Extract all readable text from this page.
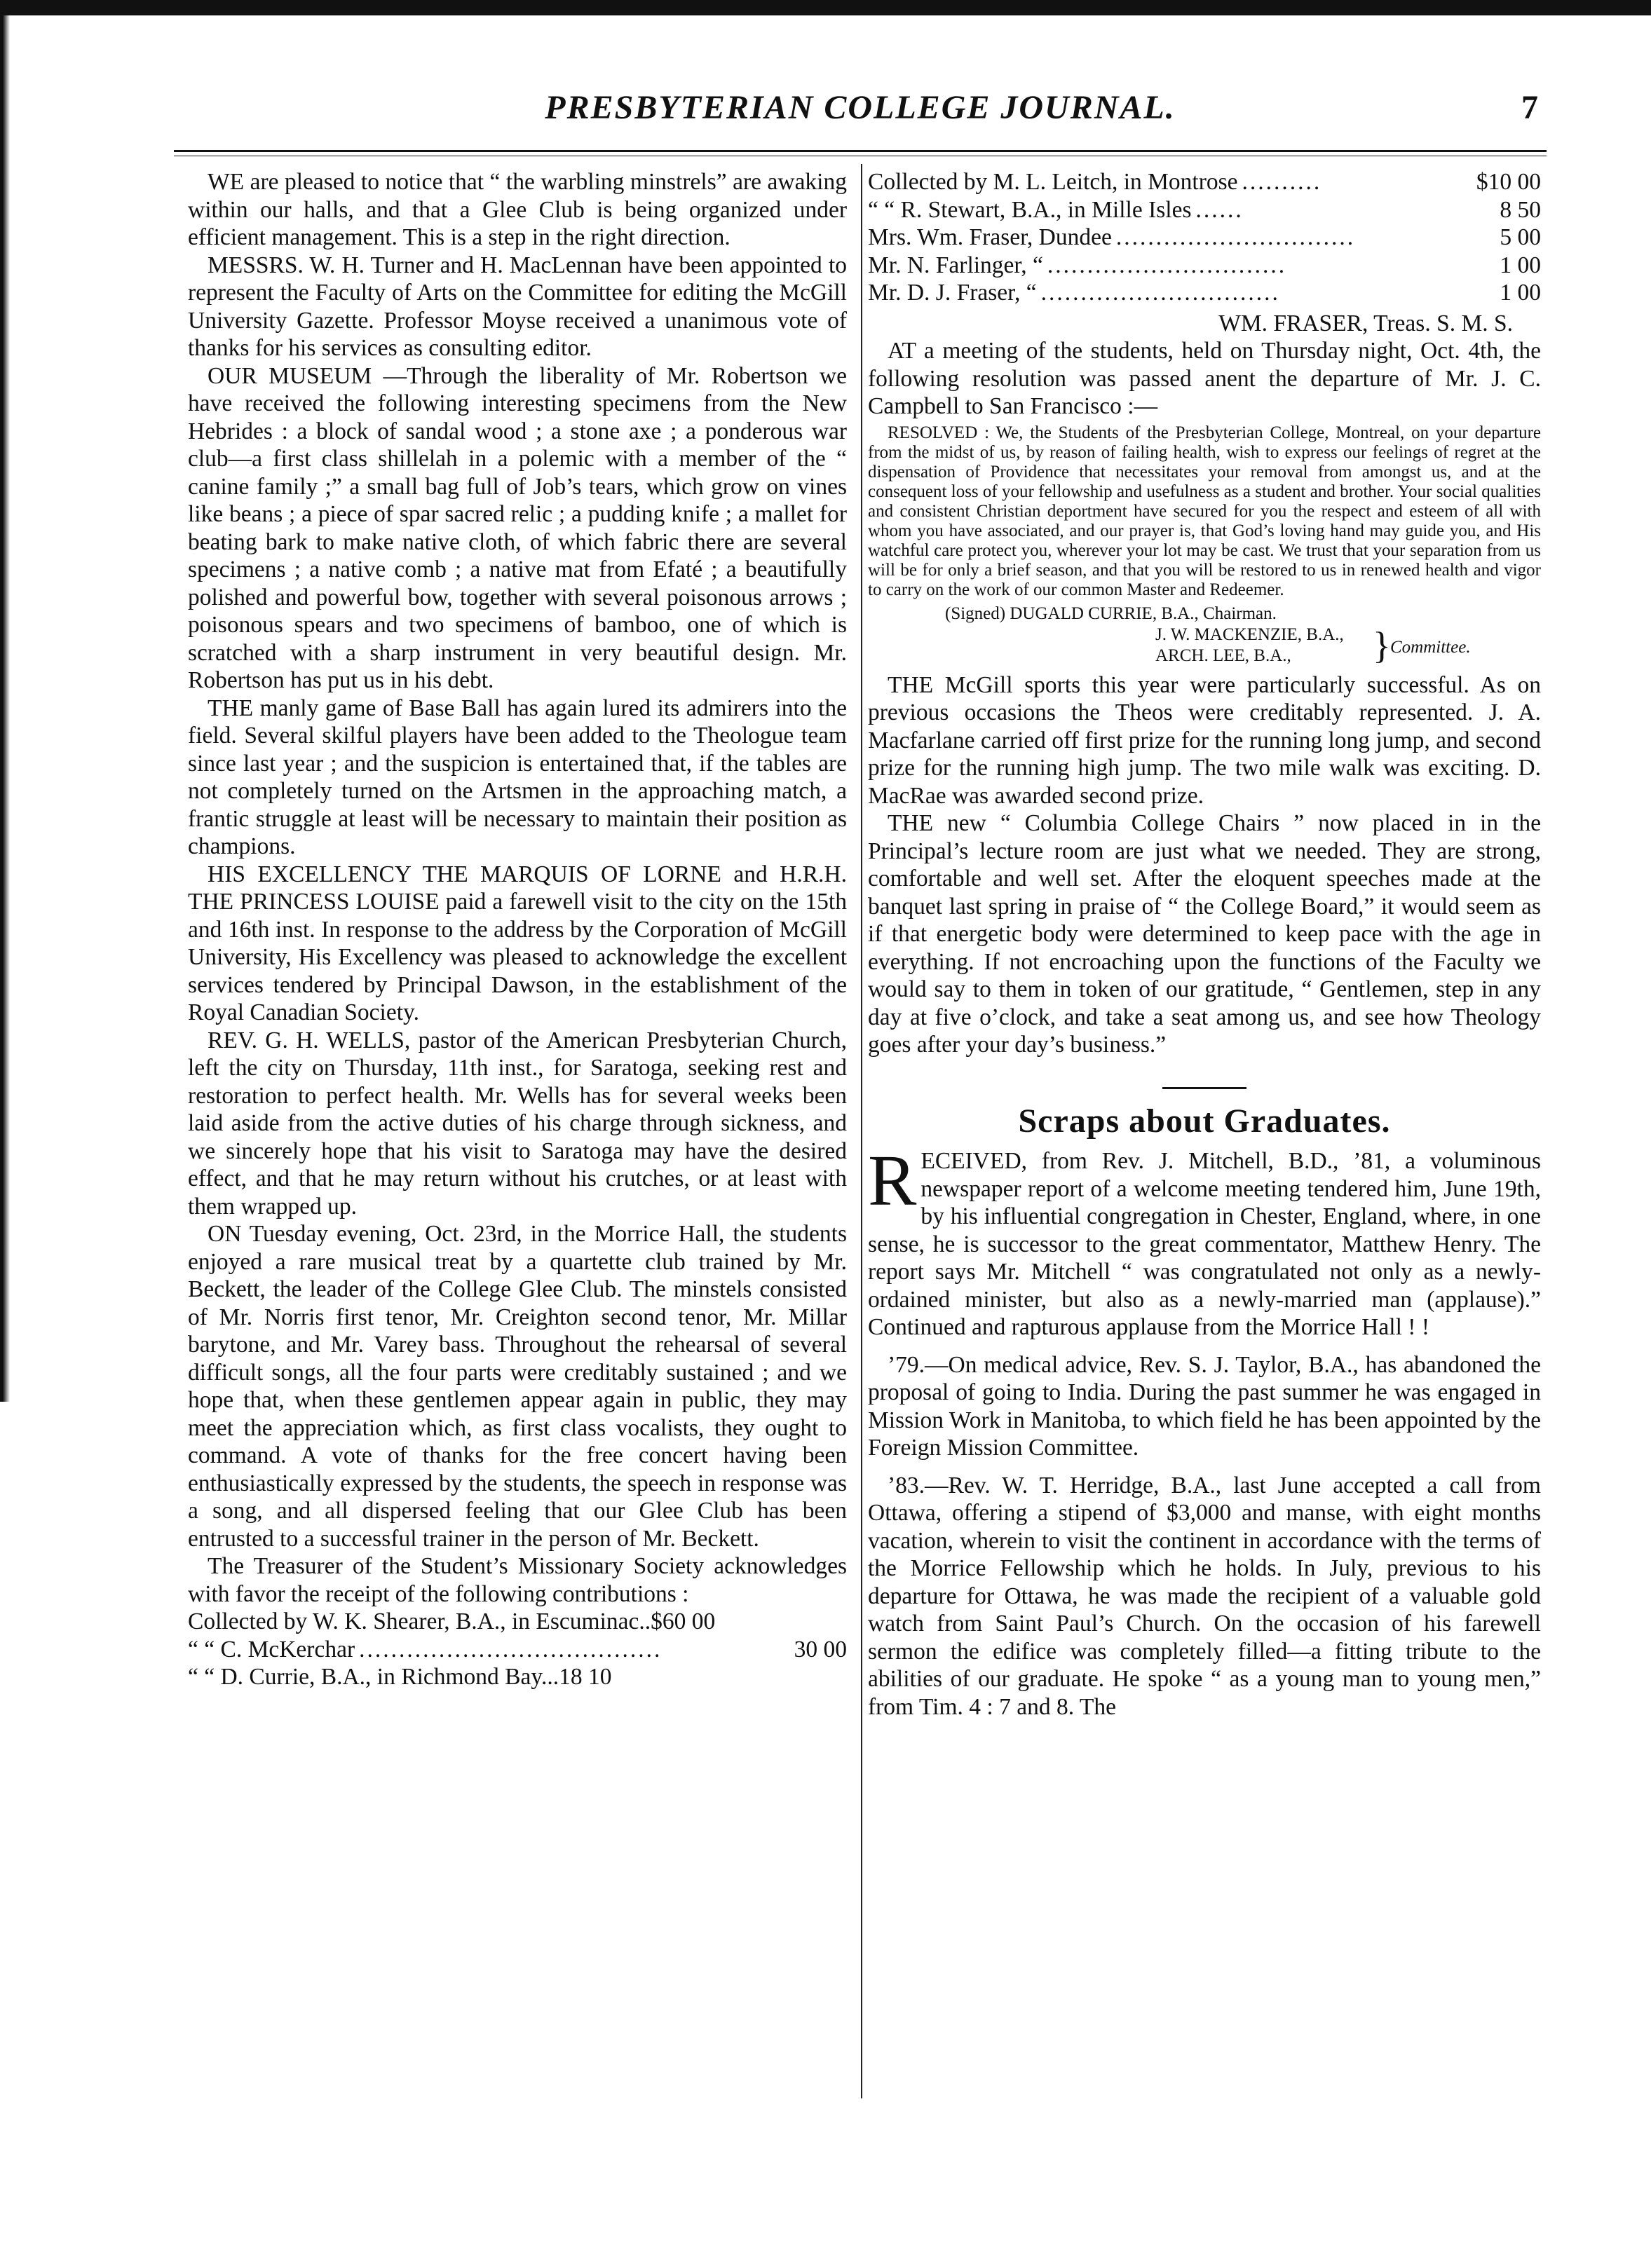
PRESBYTERIAN COLLEGE JOURNAL.	7

WE are pleased to notice that “ the warbling minstrels” are awaking within our halls, and that a Glee Club is being organized under efficient management. This is a step in the right direction.

MESSRS. W. H. Turner and H. MacLennan have been appointed to represent the Faculty of Arts on the Committee for editing the McGill University Gazette. Professor Moyse received a unanimous vote of thanks for his services as consulting editor.

OUR MUSEUM —Through the liberality of Mr. Robertson we have received the following interesting specimens from the New Hebrides : a block of sandal wood ; a stone axe ; a ponderous war club—a first class shillelah in a polemic with a member of the “ canine family ;” a small bag full of Job’s tears, which grow on vines like beans ; a piece of spar sacred relic ; a pudding knife ; a mallet for beating bark to make native cloth, of which fabric there are several specimens ; a native comb ; a native mat from Efaté ; a beautifully polished and powerful bow, together with several poisonous arrows ; poisonous spears and two specimens of bamboo, one of which is scratched with a sharp instrument in very beautiful design. Mr. Robertson has put us in his debt.

THE manly game of Base Ball has again lured its admirers into the field. Several skilful players have been added to the Theologue team since last year ; and the suspicion is entertained that, if the tables are not completely turned on the Artsmen in the approaching match, a frantic struggle at least will be necessary to maintain their position as champions.

HIS EXCELLENCY THE MARQUIS OF LORNE and H.R.H. THE PRINCESS LOUISE paid a farewell visit to the city on the 15th and 16th inst. In response to the address by the Corporation of McGill University, His Excellency was pleased to acknowledge the excellent services tendered by Principal Dawson, in the establishment of the Royal Canadian Society.

REV. G. H. WELLS, pastor of the American Presbyterian Church, left the city on Thursday, 11th inst., for Saratoga, seeking rest and restoration to perfect health. Mr. Wells has for several weeks been laid aside from the active duties of his charge through sickness, and we sincerely hope that his visit to Saratoga may have the desired effect, and that he may return without his crutches, or at least with them wrapped up.

ON Tuesday evening, Oct. 23rd, in the Morrice Hall, the students enjoyed a rare musical treat by a quartette club trained by Mr. Beckett, the leader of the College Glee Club. The minstels consisted of Mr. Norris first tenor, Mr. Creighton second tenor, Mr. Millar barytone, and Mr. Varey bass. Throughout the rehearsal of several difficult songs, all the four parts were creditably sustained ; and we hope that, when these gentlemen appear again in public, they may meet the appreciation which, as first class vocalists, they ought to command. A vote of thanks for the free concert having been enthusiastically expressed by the students, the speech in response was a song, and all dispersed feeling that our Glee Club has been entrusted to a successful trainer in the person of Mr. Beckett.

The Treasurer of the Student’s Missionary Society acknowledges with favor the receipt of the following contributions :

Collected by W. K. Shearer, B.A., in Escuminac.. $60 00
“ “ C. McKerchar ......................................	30 00
“ “ D. Currie, B.A., in Richmond Bay... 18 10
Collected by M. L. Leitch, in Montrose ..........	$10 00
“ “ R. Stewart, B.A., in Mille Isles ......	8 50
Mrs. Wm. Fraser, Dundee ..............................	5 00
Mr. N. Farlinger, “ ..............................	1 00
Mr. D. J. Fraser, “ ..............................	1 00

WM. FRASER, Treas. S. M. S.

AT a meeting of the students, held on Thursday night, Oct. 4th, the following resolution was passed anent the departure of Mr. J. C. Campbell to San Francisco :—

RESOLVED : We, the Students of the Presbyterian College, Montreal, on your departure from the midst of us, by reason of failing health, wish to express our feelings of regret at the dispensation of Providence that necessitates your removal from amongst us, and at the consequent loss of your fellowship and usefulness as a student and brother. Your social qualities and consistent Christian deportment have secured for you the respect and esteem of all with whom you have associated, and our prayer is, that God’s loving hand may guide you, and His watchful care protect you, wherever your lot may be cast. We trust that your separation from us will be for only a brief season, and that you will be restored to us in renewed health and vigor to carry on the work of our common Master and Redeemer.

(Signed) DUGALD CURRIE, B.A., Chairman.
J. W. MACKENZIE, B.A.,
ARCH. LEE, B.A., } Committee.

THE McGill sports this year were particularly successful. As on previous occasions the Theos were creditably represented. J. A. Macfarlane carried off first prize for the running long jump, and second prize for the running high jump. The two mile walk was exciting. D. MacRae was awarded second prize.

THE new “ Columbia College Chairs ” now placed in in the Principal’s lecture room are just what we needed. They are strong, comfortable and well set. After the eloquent speeches made at the banquet last spring in praise of “ the College Board,” it would seem as if that energetic body were determined to keep pace with the age in everything. If not encroaching upon the functions of the Faculty we would say to them in token of our gratitude, “ Gentlemen, step in any day at five o’clock, and take a seat among us, and see how Theology goes after your day’s business.”

Scraps about Graduates.

RECEIVED, from Rev. J. Mitchell, B.D., ’81, a voluminous newspaper report of a welcome meeting tendered him, June 19th, by his influential congregation in Chester, England, where, in one sense, he is successor to the great commentator, Matthew Henry. The report says Mr. Mitchell “ was congratulated not only as a newly-ordained minister, but also as a newly-married man (applause).” Continued and rapturous applause from the Morrice Hall ! !

’79.—On medical advice, Rev. S. J. Taylor, B.A., has abandoned the proposal of going to India. During the past summer he was engaged in Mission Work in Manitoba, to which field he has been appointed by the Foreign Mission Committee.

’83.—Rev. W. T. Herridge, B.A., last June accepted a call from Ottawa, offering a stipend of $3,000 and manse, with eight months vacation, wherein to visit the continent in accordance with the terms of the Morrice Fellowship which he holds. In July, previous to his departure for Ottawa, he was made the recipient of a valuable gold watch from Saint Paul’s Church. On the occasion of his farewell sermon the edifice was completely filled—a fitting tribute to the abilities of our graduate. He spoke “ as a young man to young men,” from Tim. 4 : 7 and 8. The
